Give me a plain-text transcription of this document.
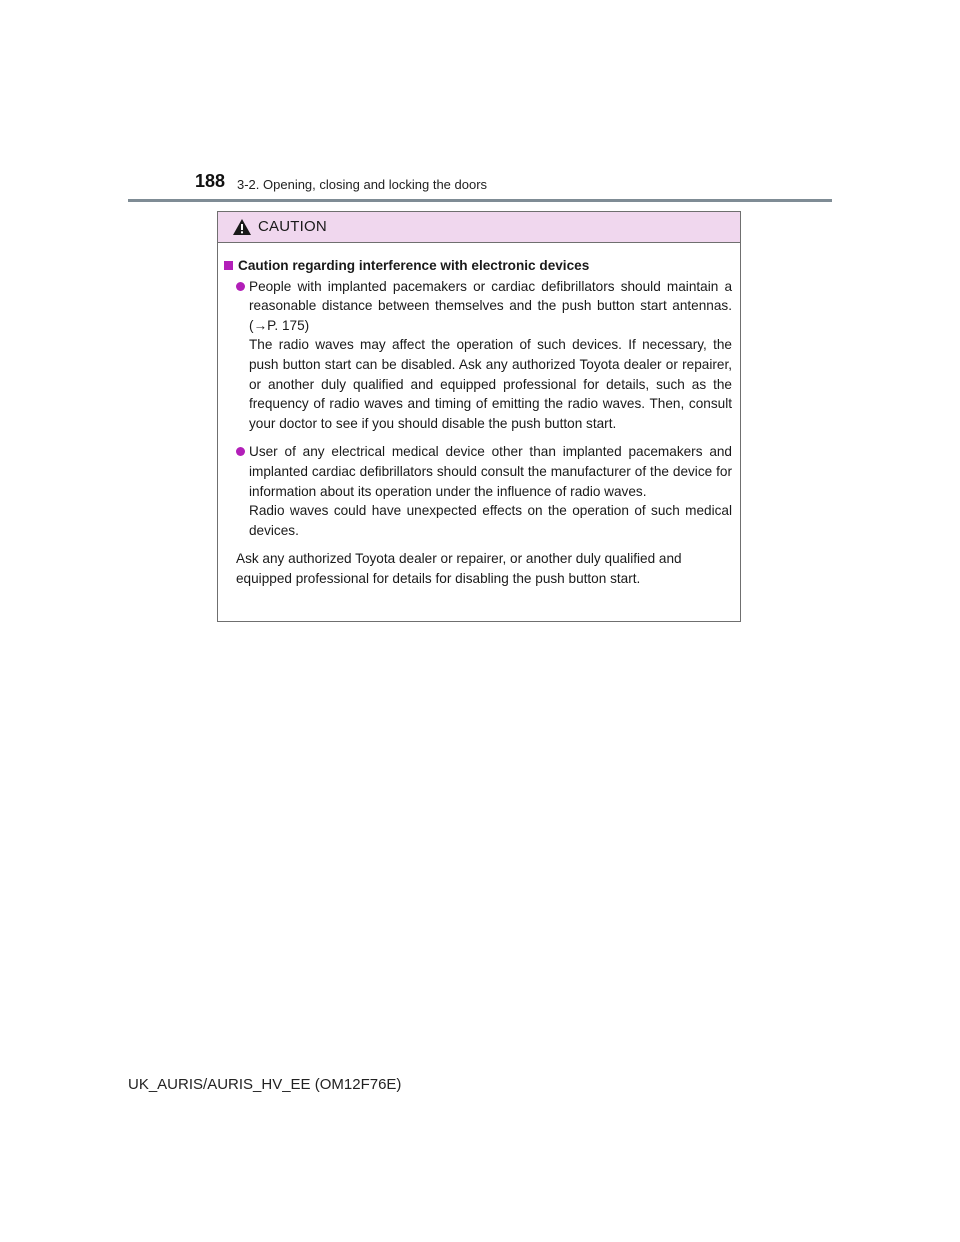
188 3-2. Opening, closing and locking the doors
CAUTION
Caution regarding interference with electronic devices

People with implanted pacemakers or cardiac defibrillators should maintain a reasonable distance between themselves and the push button start antennas. (→P. 175)

The radio waves may affect the operation of such devices. If necessary, the push button start can be disabled. Ask any authorized Toyota dealer or repairer, or another duly qualified and equipped professional for details, such as the frequency of radio waves and timing of emitting the radio waves. Then, consult your doctor to see if you should disable the push button start.

User of any electrical medical device other than implanted pacemakers and implanted cardiac defibrillators should consult the manufacturer of the device for information about its operation under the influence of radio waves.

Radio waves could have unexpected effects on the operation of such medical devices.

Ask any authorized Toyota dealer or repairer, or another duly qualified and equipped professional for details for disabling the push button start.

UK_AURIS/AURIS_HV_EE (OM12F76E)
